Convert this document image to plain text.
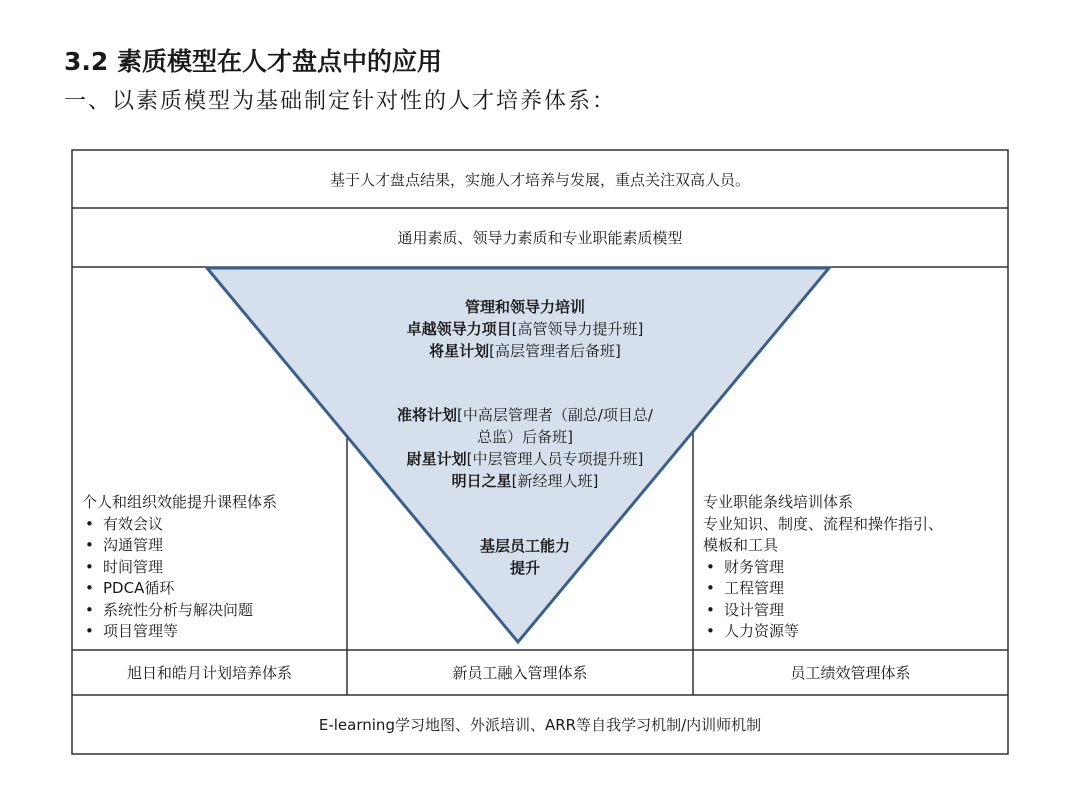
3.2 素质模型在人才盘点中的应用
一、以素质模型为基础制定针对性的人才培养体系：
基于人才盘点结果，实施人才培养与发展，重点关注双高人员。
通用素质、领导力素质和专业职能素质模型
管理和领导力培训
卓越领导力项目[高管领导力提升班]
将星计划[高层管理者后备班]
准将计划[中高层管理者（副总/项目总/
总监）后备班]
尉星计划[中层管理人员专项提升班]
明日之星[新经理人班]
基层员工能力
提升
个人和组织效能提升课程体系
• 有效会议
• 沟通管理
• 时间管理
• PDCA循环
• 系统性分析与解决问题
• 项目管理等
专业职能条线培训体系
专业知识、制度、流程和操作指引、
模板和工具
• 财务管理
• 工程管理
• 设计管理
• 人力资源等
旭日和皓月计划培养体系	新员工融入管理体系	员工绩效管理体系
E-learning学习地图、外派培训、ARR等自我学习机制/内训师机制
